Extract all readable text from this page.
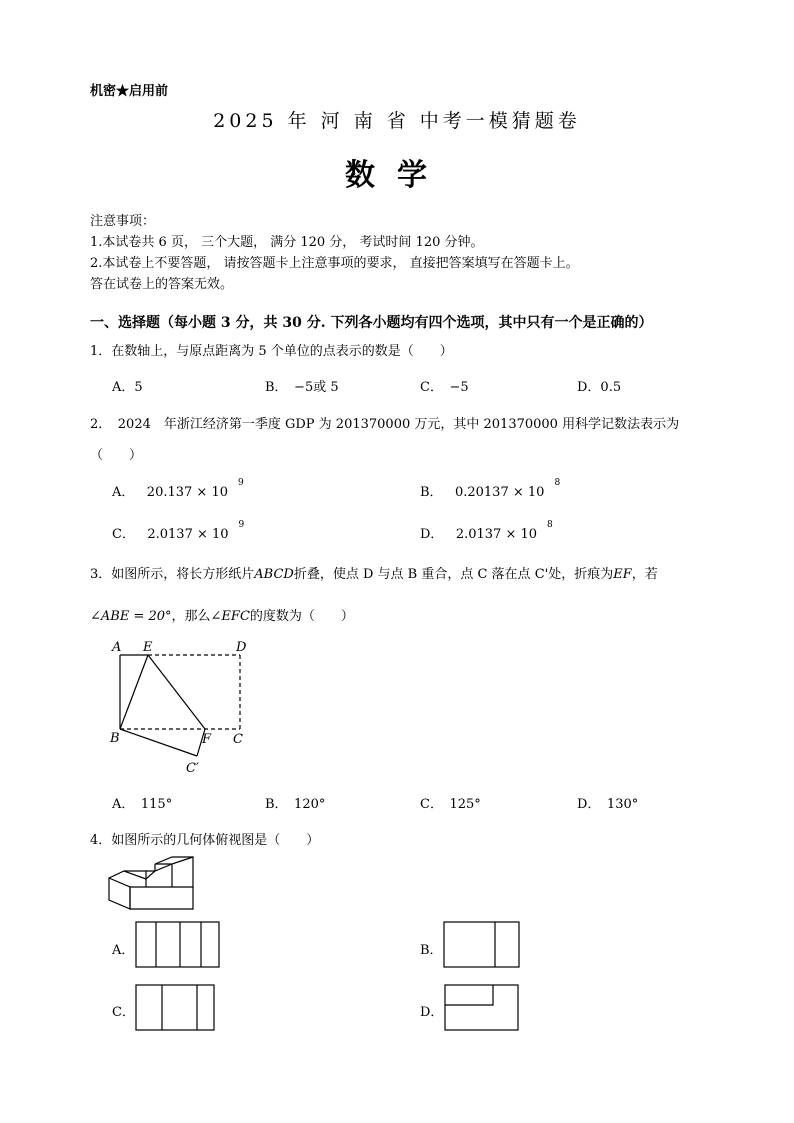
机密★启用前
2025 年 河 南 省 中考一模猜题卷
数学
注意事项：
1.本试卷共 6 页， 三个大题， 满分 120 分， 考试时间 120 分钟。
2.本试卷上不要答题， 请按答题卡上注意事项的要求， 直接把答案填写在答题卡上。
答在试卷上的答案无效。
一、选择题（每小题 3 分，共 30 分. 下列各小题均有四个选项，其中只有一个是正确的）
1．在数轴上，与原点距离为 5 个单位的点表示的数是（　　）
A．5	B．　−5或 5	C．　−5	D．0.5
2．　2024　年浙江经济第一季度 GDP 为 201370000 万元，其中 201370000 用科学记数法表示为
（　　）
A． $20.137 \times 10^9$
B． $0.20137 \times 10^8$
C． $2.0137 \times 10^9$
D． $2.0137 \times 10^8$
3．如图所示，将长方形纸片ABCD折叠，使点 D 与点 B 重合，点 C 落在点 C'处，折痕为EF，若
∠ABE = 20°，那么∠EFC的度数为（　　）
A E	D
B	F C
C′
A．　115°	B．　120°	C．　125°	D．　130°
4．如图所示的几何体俯视图是（　　）
A．	B．
C．	D．
